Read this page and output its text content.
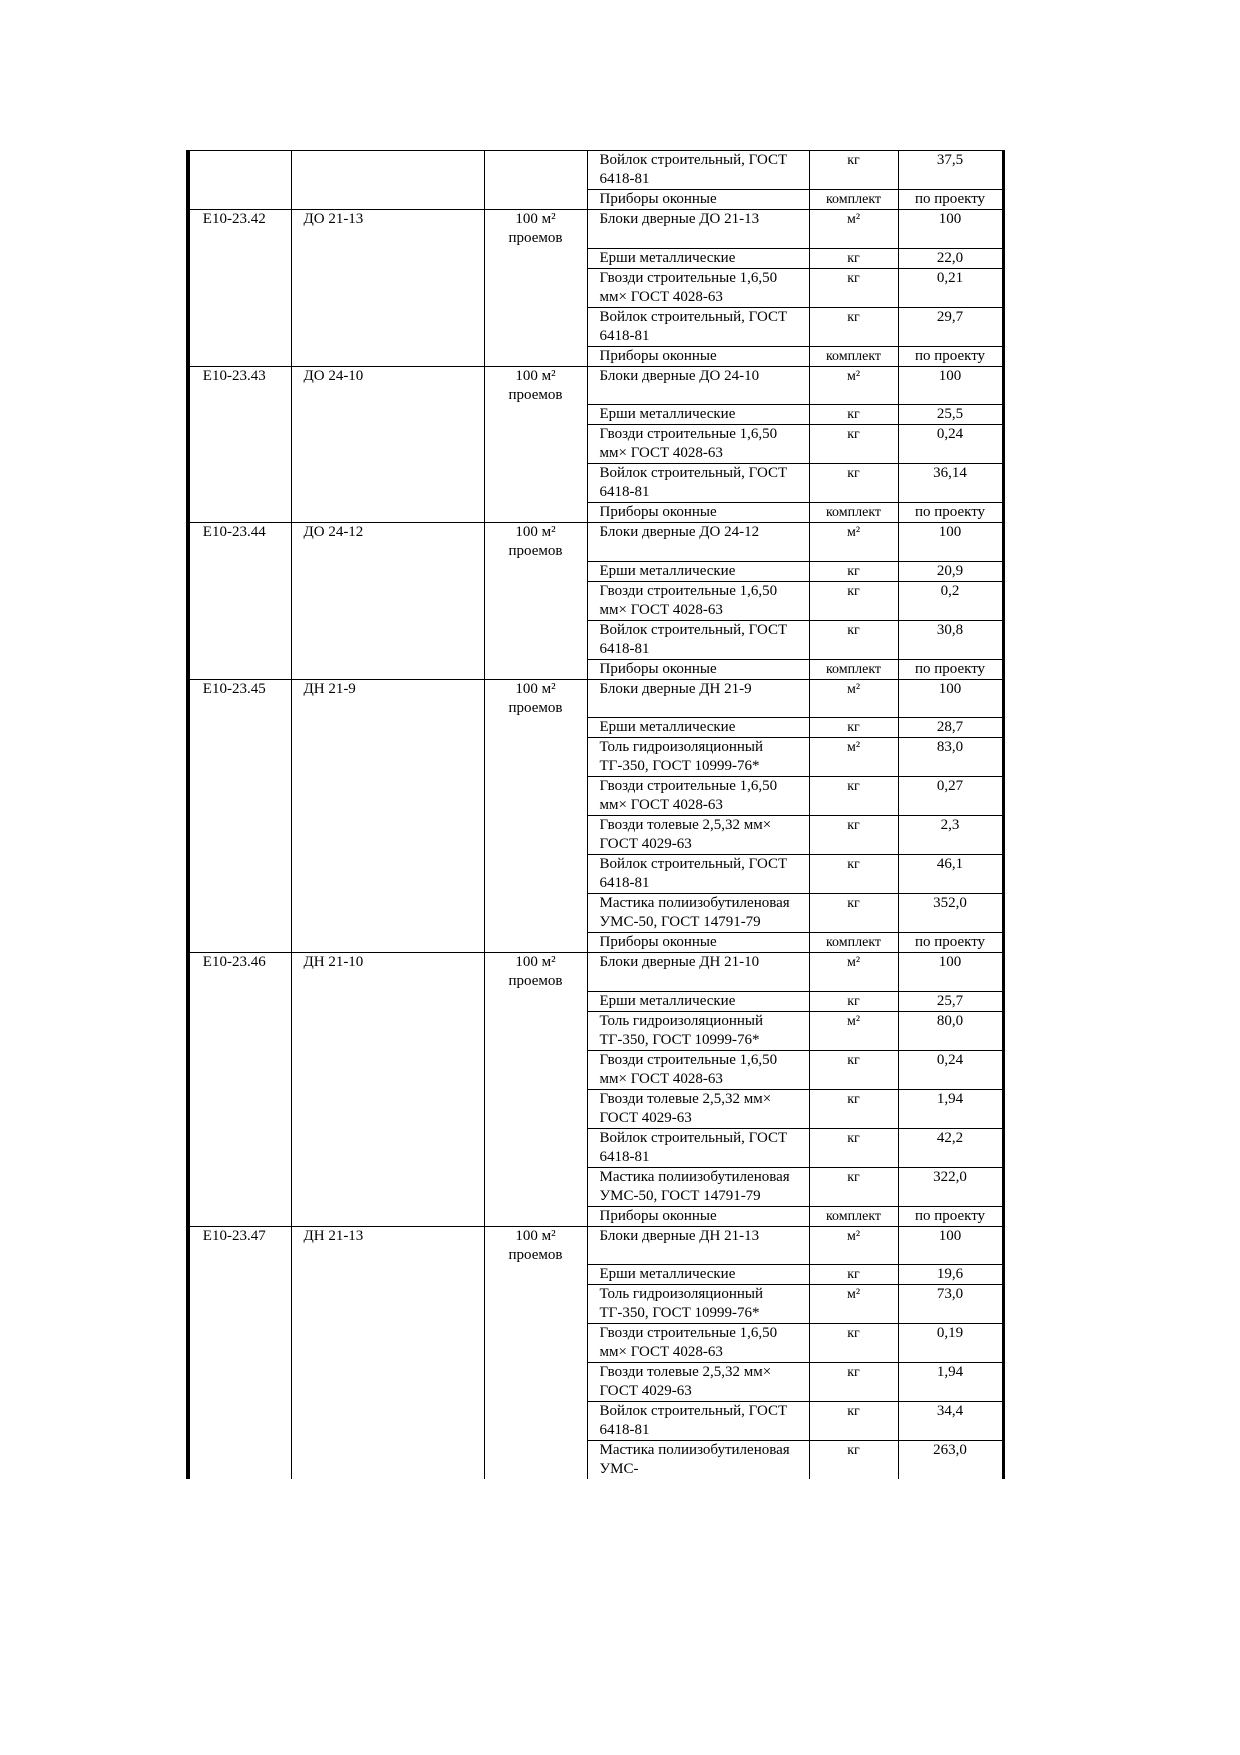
			Войлок строительный, ГОСТ 6418-81	кг	37,5
			Приборы оконные	комплект	по проекту
Е10-23.42	ДО 21-13	100 м² проемов	Блоки дверные ДО 21-13	м²	100
			Ерши металлические	кг	22,0
			Гвозди строительные 1,6,50 мм× ГОСТ 4028-63	кг	0,21
			Войлок строительный, ГОСТ 6418-81	кг	29,7
			Приборы оконные	комплект	по проекту
Е10-23.43	ДО 24-10	100 м² проемов	Блоки дверные ДО 24-10	м²	100
			Ерши металлические	кг	25,5
			Гвозди строительные 1,6,50 мм× ГОСТ 4028-63	кг	0,24
			Войлок строительный, ГОСТ 6418-81	кг	36,14
			Приборы оконные	комплект	по проекту
Е10-23.44	ДО 24-12	100 м² проемов	Блоки дверные ДО 24-12	м²	100
			Ерши металлические	кг	20,9
			Гвозди строительные 1,6,50 мм× ГОСТ 4028-63	кг	0,2
			Войлок строительный, ГОСТ 6418-81	кг	30,8
			Приборы оконные	комплект	по проекту
Е10-23.45	ДН 21-9	100 м² проемов	Блоки дверные ДН 21-9	м²	100
			Ерши металлические	кг	28,7
			Толь гидроизоляционный ТГ-350, ГОСТ 10999-76*	м²	83,0
			Гвозди строительные 1,6,50 мм× ГОСТ 4028-63	кг	0,27
			Гвозди толевые 2,5,32 мм× ГОСТ 4029-63	кг	2,3
			Войлок строительный, ГОСТ 6418-81	кг	46,1
			Мастика полиизобутиленовая УМС-50, ГОСТ 14791-79	кг	352,0
			Приборы оконные	комплект	по проекту
Е10-23.46	ДН 21-10	100 м² проемов	Блоки дверные ДН 21-10	м²	100
			Ерши металлические	кг	25,7
			Толь гидроизоляционный ТГ-350, ГОСТ 10999-76*	м²	80,0
			Гвозди строительные 1,6,50 мм× ГОСТ 4028-63	кг	0,24
			Гвозди толевые 2,5,32 мм× ГОСТ 4029-63	кг	1,94
			Войлок строительный, ГОСТ 6418-81	кг	42,2
			Мастика полиизобутиленовая УМС-50, ГОСТ 14791-79	кг	322,0
			Приборы оконные	комплект	по проекту
Е10-23.47	ДН 21-13	100 м² проемов	Блоки дверные ДН 21-13	м²	100
			Ерши металлические	кг	19,6
			Толь гидроизоляционный ТГ-350, ГОСТ 10999-76*	м²	73,0
			Гвозди строительные 1,6,50 мм× ГОСТ 4028-63	кг	0,19
			Гвозди толевые 2,5,32 мм× ГОСТ 4029-63	кг	1,94
			Войлок строительный, ГОСТ 6418-81	кг	34,4
			Мастика полиизобутиленовая УМС-	кг	263,0
